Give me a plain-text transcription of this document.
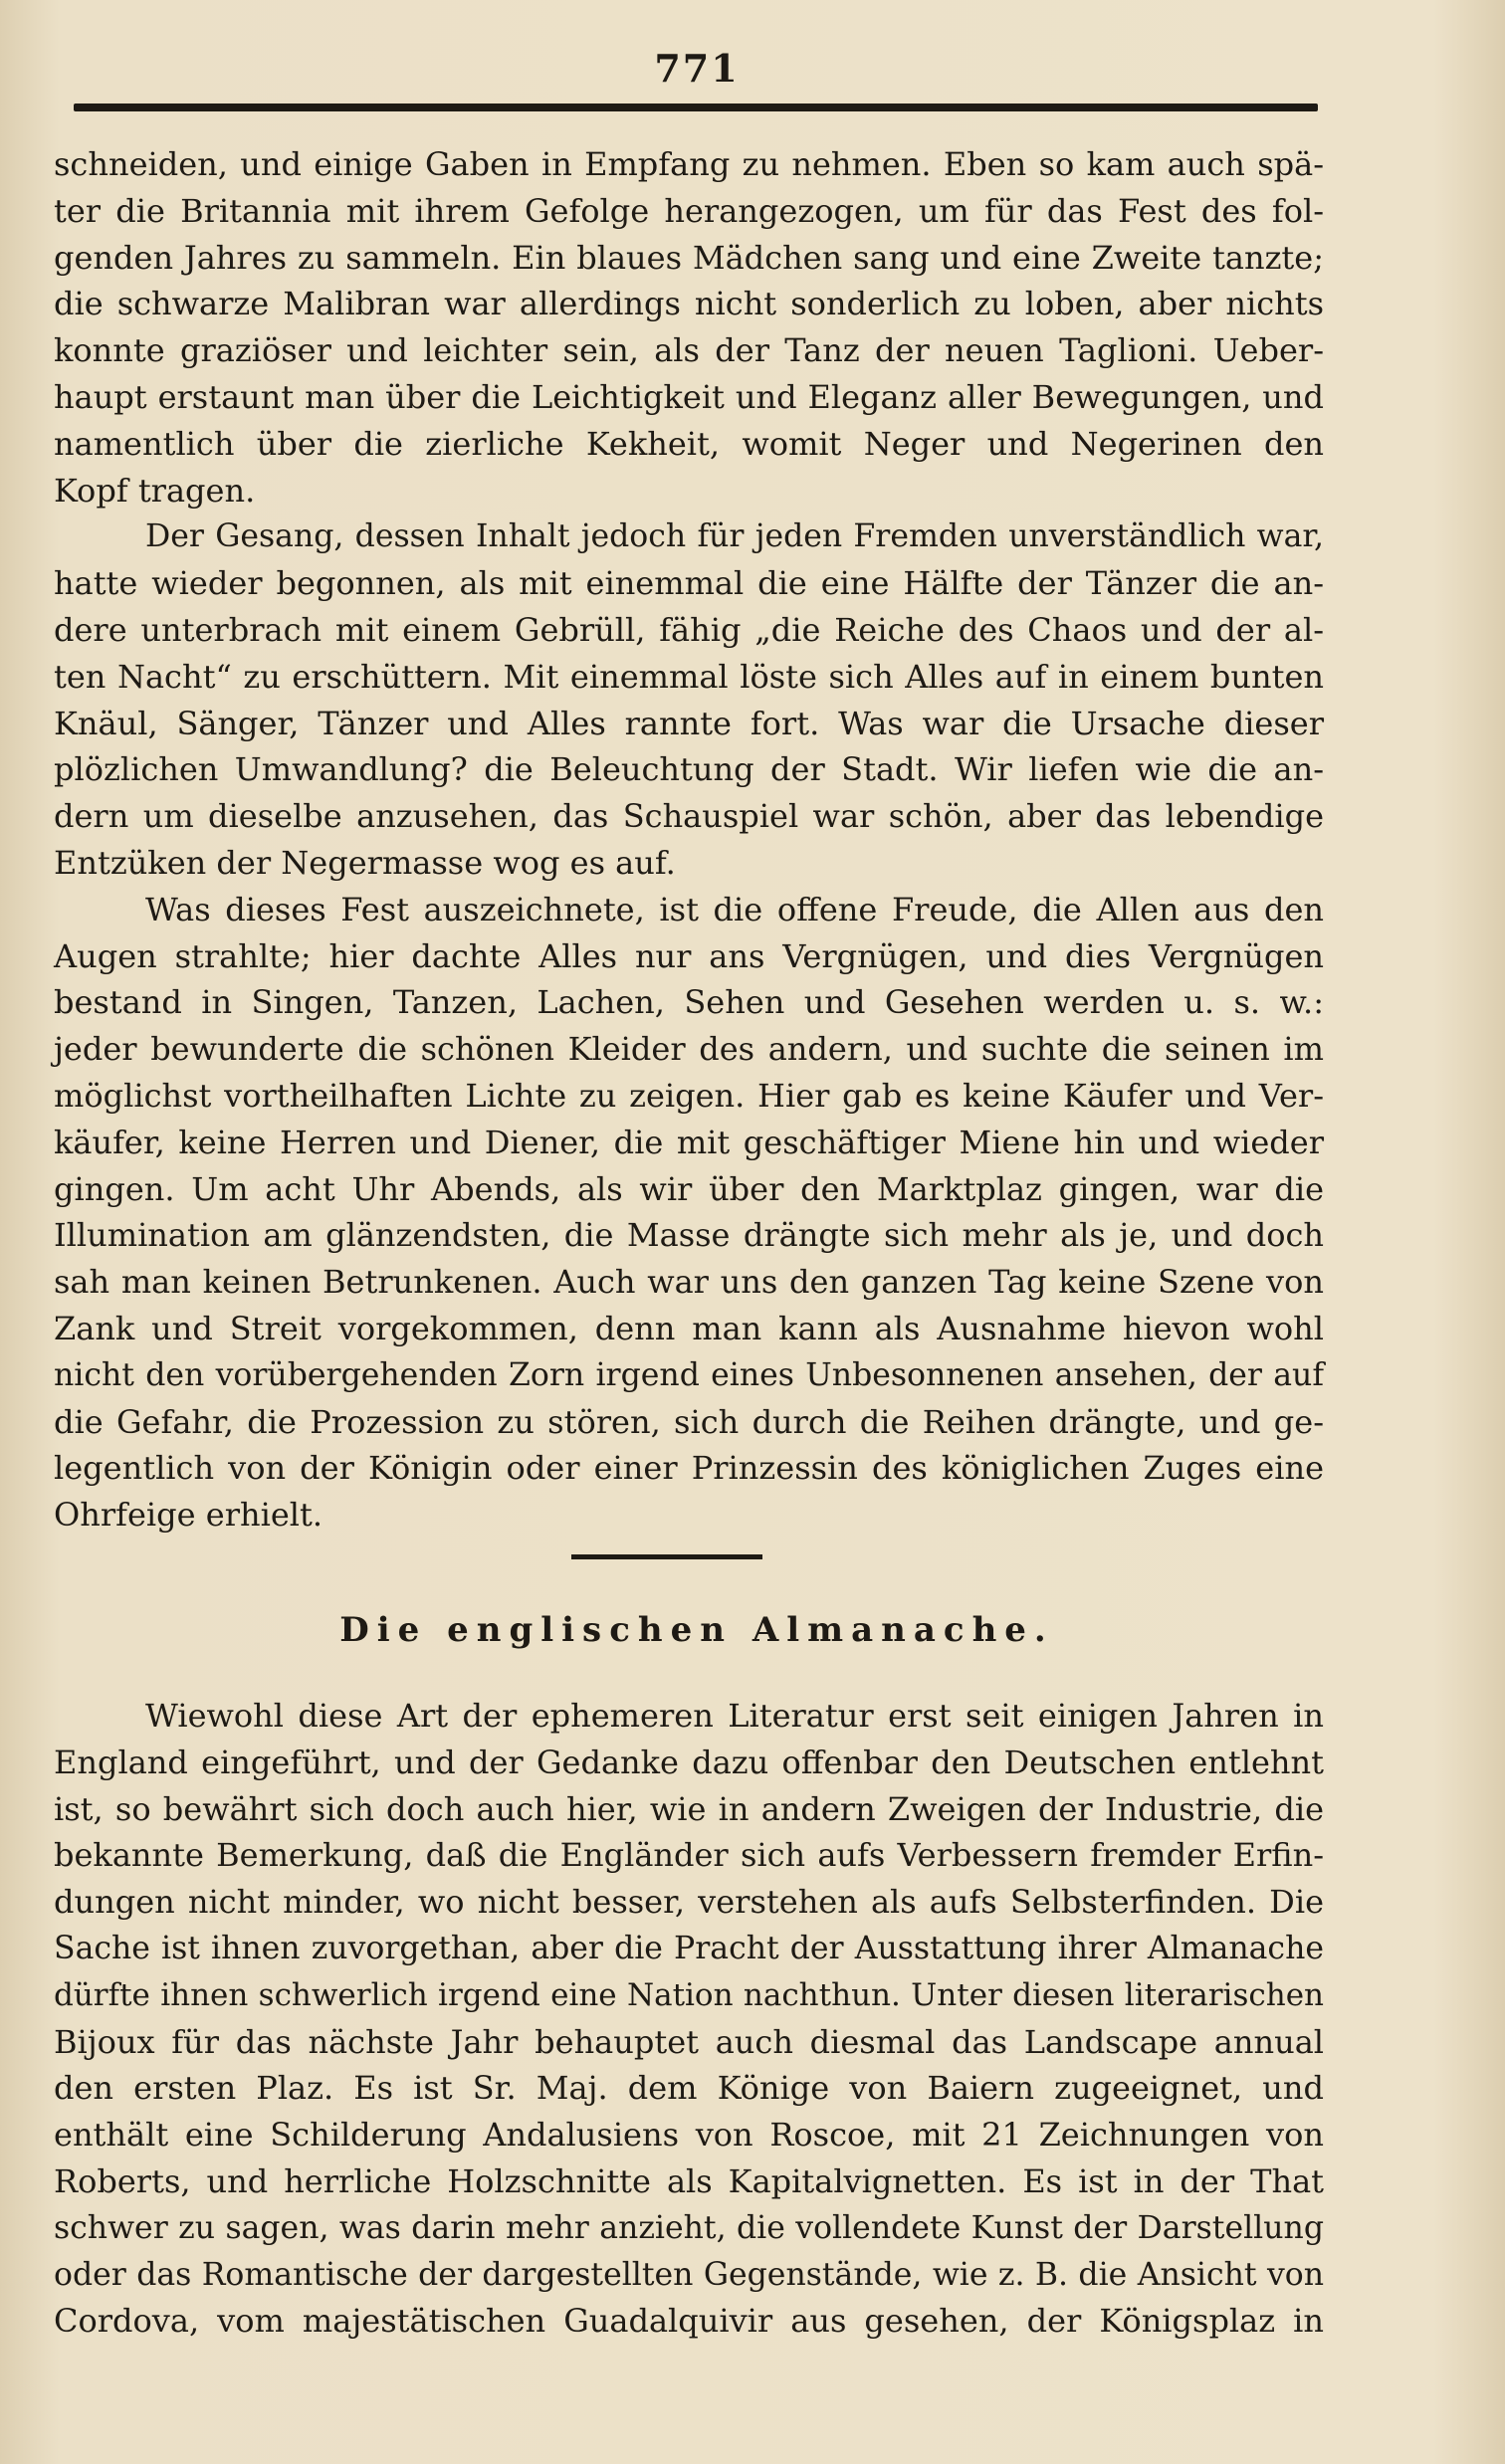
771
schneiden, und einige Gaben in Empfang zu nehmen. Eben so kam auch spä-
ter die Britannia mit ihrem Gefolge herangezogen, um für das Fest des fol-
genden Jahres zu sammeln. Ein blaues Mädchen sang und eine Zweite tanzte;
die schwarze Malibran war allerdings nicht sonderlich zu loben, aber nichts
konnte graziöser und leichter sein, als der Tanz der neuen Taglioni. Ueber-
haupt erstaunt man über die Leichtigkeit und Eleganz aller Bewegungen, und
namentlich über die zierliche Kekheit, womit Neger und Negerinen den
Kopf tragen.
Der Gesang, dessen Inhalt jedoch für jeden Fremden unverständlich war,
hatte wieder begonnen, als mit einemmal die eine Hälfte der Tänzer die an-
dere unterbrach mit einem Gebrüll, fähig „die Reiche des Chaos und der al-
ten Nacht“ zu erschüttern. Mit einemmal löste sich Alles auf in einem bunten
Knäul, Sänger, Tänzer und Alles rannte fort. Was war die Ursache dieser
plözlichen Umwandlung? die Beleuchtung der Stadt. Wir liefen wie die an-
dern um dieselbe anzusehen, das Schauspiel war schön, aber das lebendige
Entzüken der Negermasse wog es auf.
Was dieses Fest auszeichnete, ist die offene Freude, die Allen aus den
Augen strahlte; hier dachte Alles nur ans Vergnügen, und dies Vergnügen
bestand in Singen, Tanzen, Lachen, Sehen und Gesehen werden u. s. w.:
jeder bewunderte die schönen Kleider des andern, und suchte die seinen im
möglichst vortheilhaften Lichte zu zeigen. Hier gab es keine Käufer und Ver-
käufer, keine Herren und Diener, die mit geschäftiger Miene hin und wieder
gingen. Um acht Uhr Abends, als wir über den Marktplaz gingen, war die
Illumination am glänzendsten, die Masse drängte sich mehr als je, und doch
sah man keinen Betrunkenen. Auch war uns den ganzen Tag keine Szene von
Zank und Streit vorgekommen, denn man kann als Ausnahme hievon wohl
nicht den vorübergehenden Zorn irgend eines Unbesonnenen ansehen, der auf
die Gefahr, die Prozession zu stören, sich durch die Reihen drängte, und ge-
legentlich von der Königin oder einer Prinzessin des königlichen Zuges eine
Ohrfeige erhielt.
Die englischen Almanache.
Wiewohl diese Art der ephemeren Literatur erst seit einigen Jahren in
England eingeführt, und der Gedanke dazu offenbar den Deutschen entlehnt
ist, so bewährt sich doch auch hier, wie in andern Zweigen der Industrie, die
bekannte Bemerkung, daß die Engländer sich aufs Verbessern fremder Erfin-
dungen nicht minder, wo nicht besser, verstehen als aufs Selbsterfinden. Die
Sache ist ihnen zuvorgethan, aber die Pracht der Ausstattung ihrer Almanache
dürfte ihnen schwerlich irgend eine Nation nachthun. Unter diesen literarischen
Bijoux für das nächste Jahr behauptet auch diesmal das Landscape annual
den ersten Plaz. Es ist Sr. Maj. dem Könige von Baiern zugeeignet, und
enthält eine Schilderung Andalusiens von Roscoe, mit 21 Zeichnungen von
Roberts, und herrliche Holzschnitte als Kapitalvignetten. Es ist in der That
schwer zu sagen, was darin mehr anzieht, die vollendete Kunst der Darstellung
oder das Romantische der dargestellten Gegenstände, wie z. B. die Ansicht von
Cordova, vom majestätischen Guadalquivir aus gesehen, der Königsplaz in
